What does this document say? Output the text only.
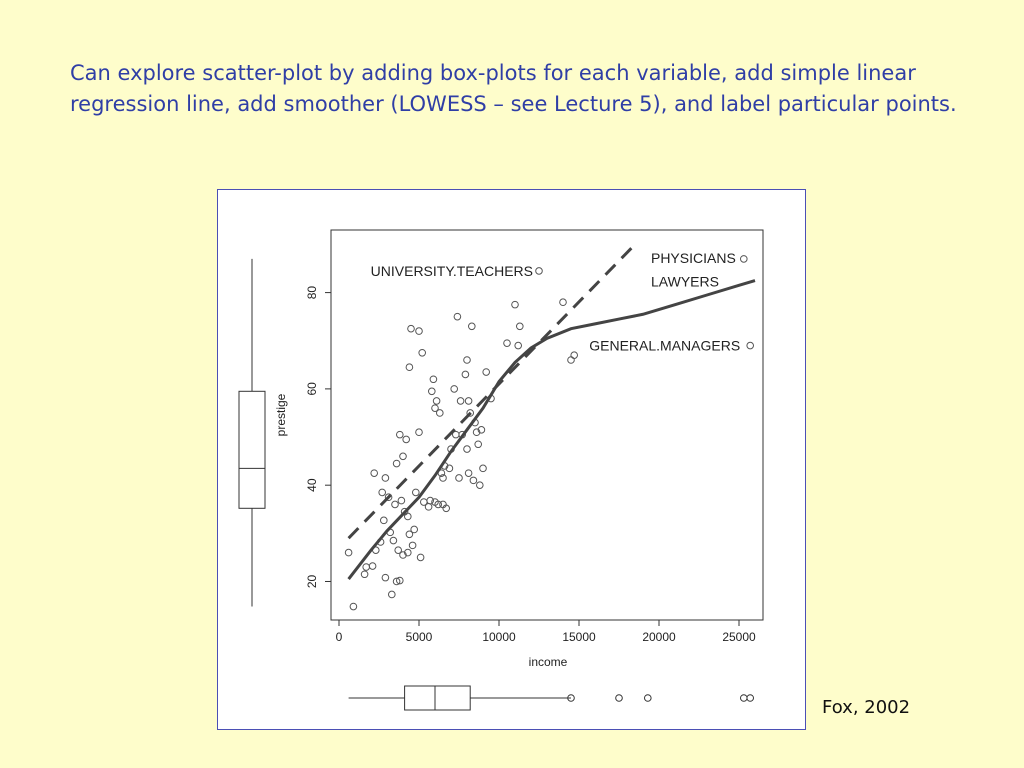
Can explore scatter-plot by adding box-plots for each variable, add simple linear regression line, add smoother (LOWESS – see Lecture 5), and label particular points.

0	5000	10000	15000	20000	25000
20
40
60
80
income
prestige
UNIVERSITY.TEACHERS
PHYSICIANS
LAWYERS
GENERAL.MANAGERS
Fox, 2002
